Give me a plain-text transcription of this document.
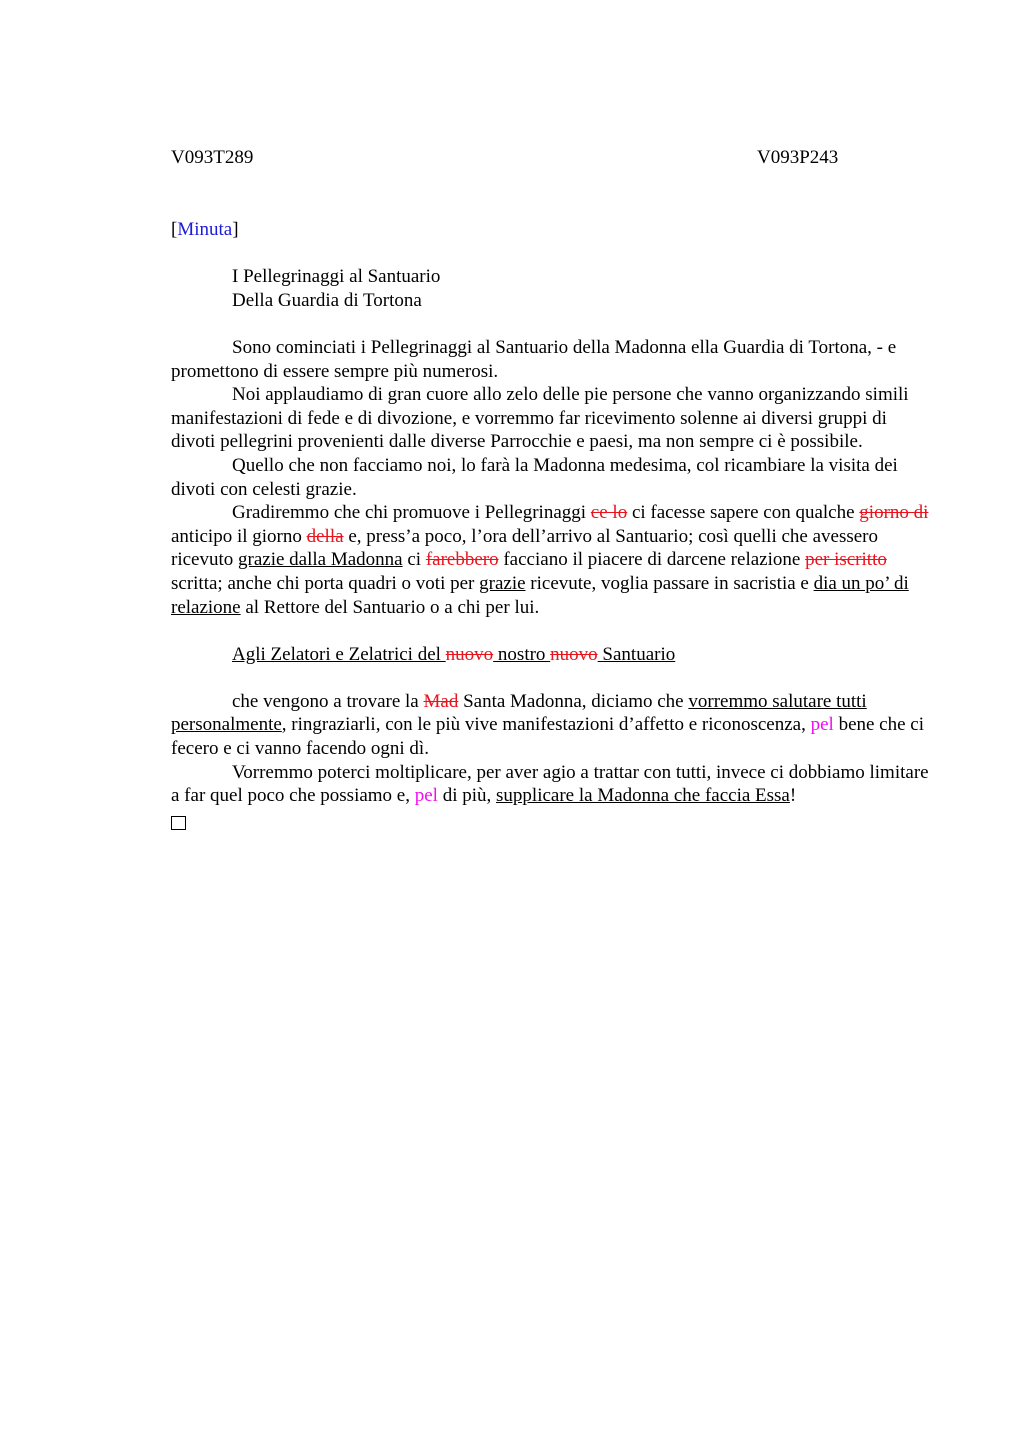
V093T289	V093P243

[Minuta]

I Pellegrinaggi al Santuario

Della Guardia di Tortona

Sono cominciati i Pellegrinaggi al Santuario della Madonna ella Guardia di Tortona, - e promettono di essere sempre più numerosi.

Noi applaudiamo di gran cuore allo zelo delle pie persone che vanno organizzando simili manifestazioni di fede e di divozione, e vorremmo far ricevimento solenne ai diversi gruppi di divoti pellegrini provenienti dalle diverse Parrocchie e paesi, ma non sempre ci è possibile.

Quello che non facciamo noi, lo farà la Madonna medesima, col ricambiare la visita dei divoti con celesti grazie.

Gradiremmo che chi promuove i Pellegrinaggi ce lo ci facesse sapere con qualche giorno di anticipo il giorno della e, press’a poco, l’ora dell’arrivo al Santuario; così quelli che avessero ricevuto grazie dalla Madonna ci farebbero facciano il piacere di darcene relazione per iscritto scritta; anche chi porta quadri o voti per grazie ricevute, voglia passare in sacristia e dia un po’ di relazione al Rettore del Santuario o a chi per lui.

Agli Zelatori e Zelatrici del nuovo nostro nuovo Santuario

che vengono a trovare la Mad Santa Madonna, diciamo che vorremmo salutare tutti personalmente, ringraziarli, con le più vive manifestazioni d’affetto e riconoscenza, pel bene che ci fecero e ci vanno facendo ogni dì.

Vorremmo poterci moltiplicare, per aver agio a trattar con tutti, invece ci dobbiamo limitare a far quel poco che possiamo e, pel di più, supplicare la Madonna che faccia Essa!
